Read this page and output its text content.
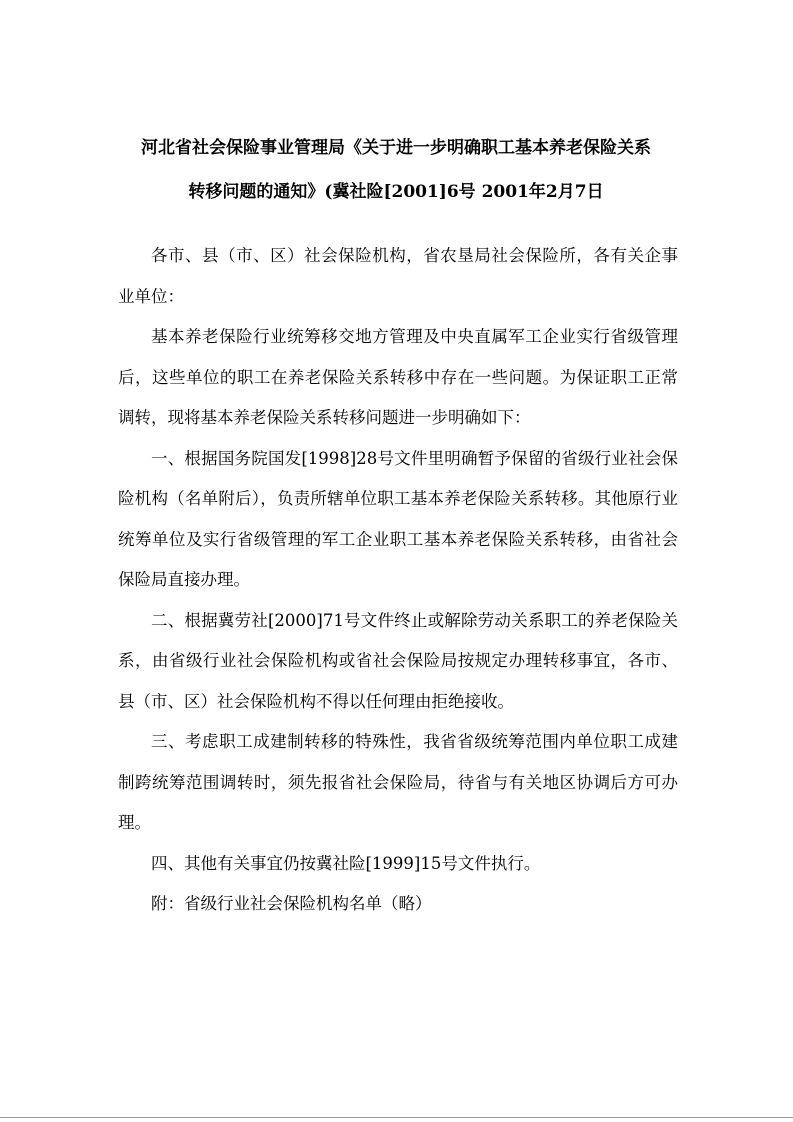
河北省社会保险事业管理局《关于进一步明确职工基本养老保险关系
转移问题的通知》(冀社险[2001]6号 2001年2月7日

各市、县（市、区）社会保险机构，省农垦局社会保险所，各有关企事业单位：

基本养老保险行业统筹移交地方管理及中央直属军工企业实行省级管理后，这些单位的职工在养老保险关系转移中存在一些问题。为保证职工正常调转，现将基本养老保险关系转移问题进一步明确如下：

一、根据国务院国发[1998]28号文件里明确暂予保留的省级行业社会保险机构（名单附后），负责所辖单位职工基本养老保险关系转移。其他原行业统筹单位及实行省级管理的军工企业职工基本养老保险关系转移，由省社会保险局直接办理。

二、根据冀劳社[2000]71号文件终止或解除劳动关系职工的养老保险关系，由省级行业社会保险机构或省社会保险局按规定办理转移事宜，各市、县（市、区）社会保险机构不得以任何理由拒绝接收。

三、考虑职工成建制转移的特殊性，我省省级统筹范围内单位职工成建制跨统筹范围调转时，须先报省社会保险局，待省与有关地区协调后方可办理。

四、其他有关事宜仍按冀社险[1999]15号文件执行。

附：省级行业社会保险机构名单（略）
